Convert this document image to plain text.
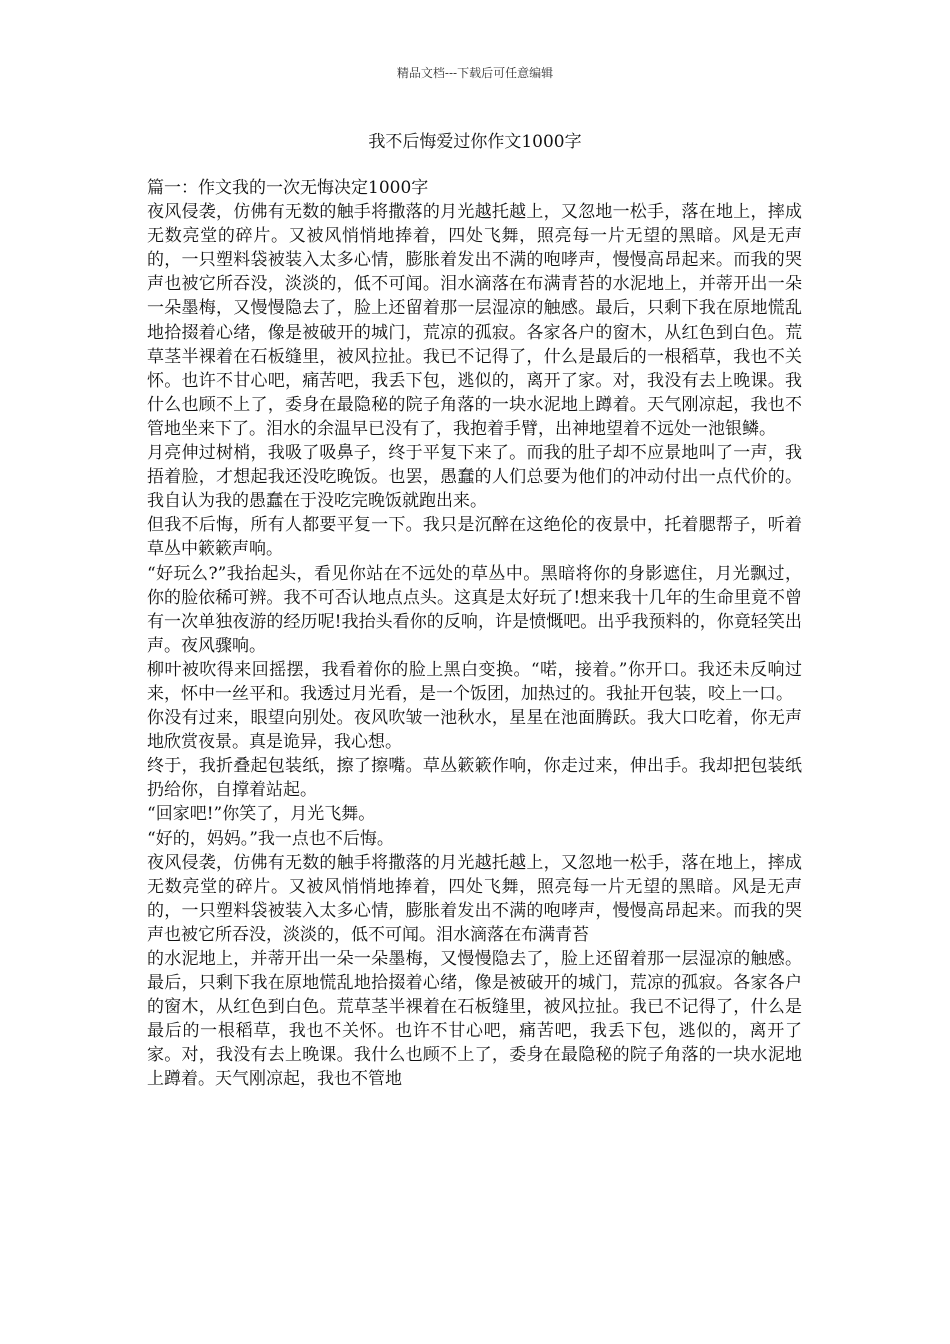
精品文档---下载后可任意编辑
我不后悔爱过你作文1000字

篇一：作文我的一次无悔决定1000字

夜风侵袭，仿佛有无数的触手将撒落的月光越托越上，又忽地一松手，落在地上，摔成无数亮堂的碎片。又被风悄悄地捧着，四处飞舞，照亮每一片无望的黑暗。风是无声的，一只塑料袋被装入太多心情，膨胀着发出不满的咆哮声，慢慢高昂起来。而我的哭声也被它所吞没，淡淡的，低不可闻。泪水滴落在布满青苔的水泥地上，并蒂开出一朵一朵墨梅，又慢慢隐去了，脸上还留着那一层湿凉的触感。最后，只剩下我在原地慌乱地拾掇着心绪，像是被破开的城门，荒凉的孤寂。各家各户的窗木，从红色到白色。荒草茎半裸着在石板缝里，被风拉扯。我已不记得了，什么是最后的一根稻草，我也不关怀。也许不甘心吧，痛苦吧，我丢下包，逃似的，离开了家。对，我没有去上晚课。我什么也顾不上了，委身在最隐秘的院子角落的一块水泥地上蹲着。天气刚凉起，我也不管地坐来下了。泪水的余温早已没有了，我抱着手臂，出神地望着不远处一池银鳞。

月亮伸过树梢，我吸了吸鼻子，终于平复下来了。而我的肚子却不应景地叫了一声，我捂着脸，才想起我还没吃晚饭。也罢，愚蠢的人们总要为他们的冲动付出一点代价的。我自认为我的愚蠢在于没吃完晚饭就跑出来。

但我不后悔，所有人都要平复一下。我只是沉醉在这绝伦的夜景中，托着腮帮子，听着草丛中簌簌声响。

“好玩么?”我抬起头，看见你站在不远处的草丛中。黑暗将你的身影遮住，月光飘过，你的脸依稀可辨。我不可否认地点点头。这真是太好玩了!想来我十几年的生命里竟不曾有一次单独夜游的经历呢!我抬头看你的反响，许是愤慨吧。出乎我预料的，你竟轻笑出声。夜风骤响。

柳叶被吹得来回摇摆，我看着你的脸上黑白变换。“喏，接着。”你开口。我还未反响过来，怀中一丝平和。我透过月光看，是一个饭团，加热过的。我扯开包装，咬上一口。

你没有过来，眼望向别处。夜风吹皱一池秋水，星星在池面腾跃。我大口吃着，你无声地欣赏夜景。真是诡异，我心想。

终于，我折叠起包装纸，擦了擦嘴。草丛簌簌作响，你走过来，伸出手。我却把包装纸扔给你，自撑着站起。

“回家吧!”你笑了，月光飞舞。

“好的，妈妈。”我一点也不后悔。

夜风侵袭，仿佛有无数的触手将撒落的月光越托越上，又忽地一松手，落在地上，摔成无数亮堂的碎片。又被风悄悄地捧着，四处飞舞，照亮每一片无望的黑暗。风是无声的，一只塑料袋被装入太多心情，膨胀着发出不满的咆哮声，慢慢高昂起来。而我的哭声也被它所吞没，淡淡的，低不可闻。泪水滴落在布满青苔

的水泥地上，并蒂开出一朵一朵墨梅，又慢慢隐去了，脸上还留着那一层湿凉的触感。最后，只剩下我在原地慌乱地拾掇着心绪，像是被破开的城门，荒凉的孤寂。各家各户的窗木，从红色到白色。荒草茎半裸着在石板缝里，被风拉扯。我已不记得了，什么是最后的一根稻草，我也不关怀。也许不甘心吧，痛苦吧，我丢下包，逃似的，离开了家。对，我没有去上晚课。我什么也顾不上了，委身在最隐秘的院子角落的一块水泥地上蹲着。天气刚凉起，我也不管地
